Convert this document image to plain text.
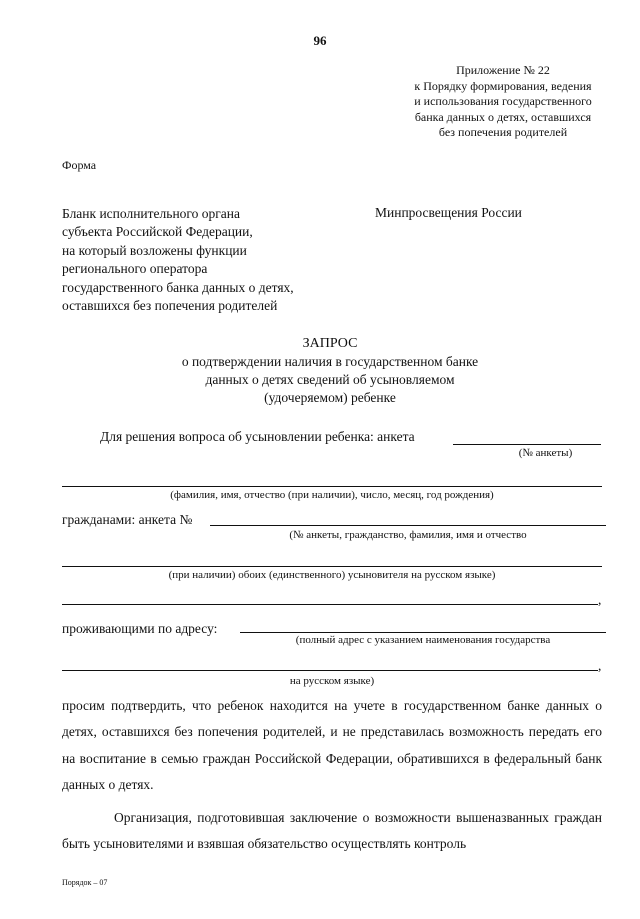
96
Приложение № 22
к Порядку формирования, ведения
и использования государственного
банка данных о детях, оставшихся
без попечения родителей
Форма
Бланк исполнительного органа
субъекта Российской Федерации,
на который возложены функции
регионального оператора
государственного банка данных о детях,
оставшихся без попечения родителей
Минпросвещения России
ЗАПРОС
о подтверждении наличия в государственном банке
данных о детях сведений об усыновляемом
(удочеряемом) ребенке
Для решения вопроса об усыновлении ребенка: анкета
(№ анкеты)
(фамилия, имя, отчество (при наличии), число, месяц, год рождения)
гражданами: анкета №
(№ анкеты, гражданство, фамилия, имя и отчество
(при наличии) обоих (единственного) усыновителя на русском языке)
,
проживающими по адресу:
(полный адрес с указанием наименования государства
,
на русском языке)

просим подтвердить, что ребенок находится на учете в государственном банке данных о детях, оставшихся без попечения родителей, и не представилась возможность передать его на воспитание в семью граждан Российской Федерации, обратившихся в федеральный банк данных о детях.

Организация, подготовившая заключение о возможности вышеназванных граждан быть усыновителями и взявшая обязательство осуществлять контроль

Порядок – 07
